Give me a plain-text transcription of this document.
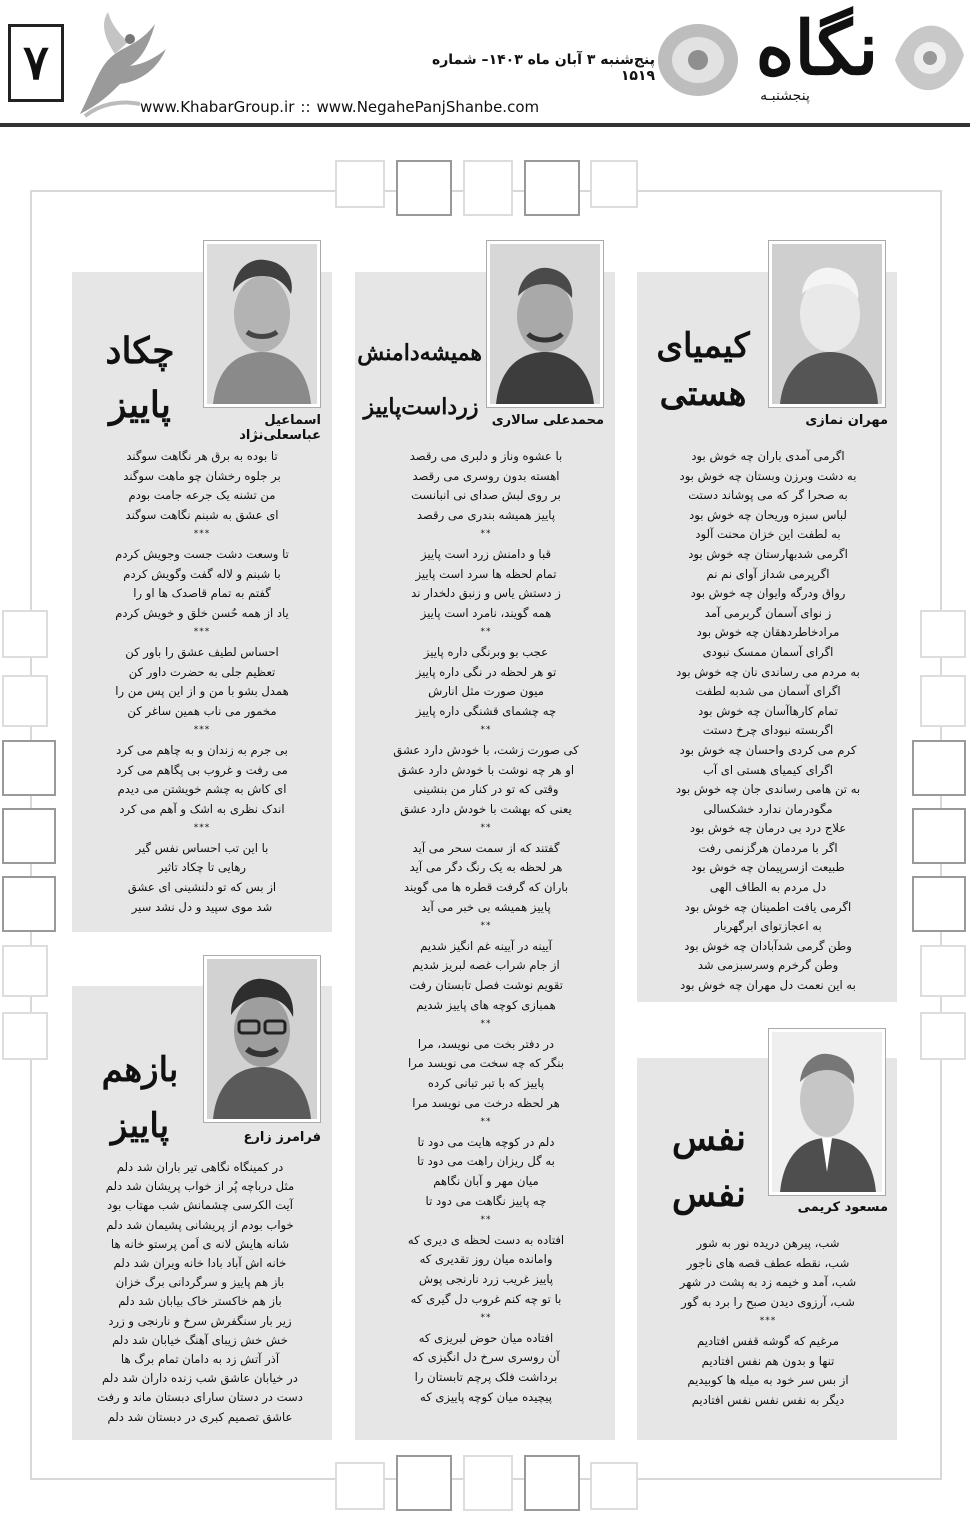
۷	پنج‌شنبه ۳ آبان ماه ۱۴۰۳– شماره ۱۵۱۹
www.KhabarGroup.ir :: www.NegahePanjShanbe.com
نگاه
پنجشنبـه
مهران نمازی
کیمیای
هستی
اگرمی آمدی باران چه خوش بود
به دشت وبرزن وبستان چه خوش بود
به صحرا گر که می پوشاند دستت
لباس سبزه وریحان چه خوش بود
به لطفت این خزان محنت آلود
اگرمی شدبهارستان چه خوش بود
اگرپرمی شداز آوای نم نم
رواق ودرگه وایوان چه خوش بود
ز نوای آسمان گربرمی آمد
مرادخاطردهقان چه خوش بود
اگرای آسمان ممسک نبودی
به مردم می رساندی نان چه خوش بود
اگرای آسمان می شدبه لطفت
تمام کارهاآسان چه خوش بود
اگربسته نبودای چرخ دستت
کرم می کردی واحسان چه خوش بود
اگرای کیمیای هستی ای آب
به تن هامی رساندی جان چه خوش بود
مگودرمان ندارد خشکسالی
علاج درد بی درمان چه خوش بود
اگر با مردمان هرگزنمی رفت
طبیعت ازسرپیمان چه خوش بود
دل مردم به الطاف الهی
اگرمی یافت اطمینان چه خوش بود
به اعجازتوای ابرگهربار
وطن گرمی شدآبادان چه خوش بود
وطن گرخرم وسرسبزمی شد
به این نعمت دل مهران چه خوش بود
محمدعلی سالاری
همیشه‌دامنش
زرداست‌پاییز
با عشوه وناز و دلبری می رقصد
اهسته بدون روسری می رقصد
بر روی لبش صدای نی انبانست
پاییز همیشه بندری می رقصد
**
قبا و دامنش زرد است پاییز
تمام لحظه ها سرد است پاییز
ز دستش یاس و زنبق دلخدار ند
همه گویند، نامرد است پاییز
**
عجب بو وبرنگی داره پاییز
تو هر لحظه در نگی داره پاییز
میون صورت مثل انارش
چه چشمای قشنگی داره پاییز
**
کی صورت زشت، با خودش دارد عشق
او هر چه نوشت با خودش دارد عشق
وقتی که تو در کنار من بنشینی
یعنی که بهشت با خودش دارد عشق
**
گفتند که از سمت سحر می آید
هر لحظه به یک رنگ دگر می آید
باران که گرفت قطره ها می گویند
پاییز همیشه بی خبر می آید
**
آیینه در آیینه غم انگیز شدیم
از جام شراب غصه لبریز شدیم
تقویم نوشت فصل تابستان رفت
همبازی کوچه های پاییز شدیم
**
در دفتر بخت می نویسد، مرا
بنگر که چه سخت می نویسد مرا
پاییز که با تبر تبانی کرده
هر لحظه درخت می نویسد مرا
**
دلم در کوچه هایت می دود تا
به گل ریزان راهت می دود تا
میان مهر و آبان نگاهم
چه پاییز نگاهت می دود تا
**
افتاده به دست لحظه ی دیری که
وامانده میان روز تقدیری که
پاییز غریب زرد نارنجی پوش
با تو چه کنم غروب دل گیری که
**
افتاده میان حوض لبریزی که
آن روسری سرخ دل انگیزی که
برداشت فلک پرچم تابستان را
پیچیده میان کوچه پاییزی که
اسماعیل عباسعلی‌نژاد
چکاد
پاییز
تا بوده به برق هر نگاهت سوگند
بر جلوه رخشان چو ماهت سوگند
من تشنه یک جرعه جامت بودم
ای عشق به شبنم نگاهت سوگند
***
تا وسعت دشت جست وجویش کردم
با شبنم و لاله گفت وگویش کردم
گفتم به تمام قاصدک ها او را
یاد از همه حُسن خلق و خویش کردم
***
احساس لطیف عشق را باور کن
تعظیم جلی به حضرت داور کن
همدل بشو با من و از این پس من را
مخمور می ناب همین ساغر کن
***
بی جرم به زندان و به چاهم می کرد
می رفت و غروب بی پگاهم می کرد
ای کاش به چشم خویشتن می دیدم
اندک نظری به اشک و آهم می کرد
***
با این تب احساس نفس گیر
رهایی تا چکاد تاثیر
از بس که تو دلنشینی ای عشق
شد موی سپید و دل نشد سیر
مسعود کریمی
نفس
نفس
شب، پیرهن دریده نور به شور
شب، نقطه عطف قصه های ناجور
شب، آمد و خیمه زد به پشت در شهر
شب، آرزوی دیدن صبح را برد به گور
***
مرغیم که گوشه قفس افتادیم
تنها و بدون هم نفس افتادیم
از بس سر خود به میله ها کوبیدیم
دیگر به نفس نفس نفس افتادیم
فرامرز زارع
بازهم
پاییز
در کمینگاه نگاهی تیر باران شد دلم
مثل درباچه پُر از خواب پریشان شد دلم
آیت الکرسی چشمانش شب مهتاب بود
خواب بودم از پریشانی پشیمان شد دلم
شانه هایش لانه ی اَمن پرستو خانه ها
خانه اش آباد بادا خانه ویران شد دلم
باز هم پاییز و سرگردانی برگ خزان
باز هم خاکستر خاک بیابان شد دلم
زیر بار سنگفرش سرخ و نارنجی و زرد
خش خش زیبای آهنگ خیابان شد دلم
آذر آتش زد به دامان تمام برگ ها
در خیابان عاشق شب زنده داران شد دلم
دست در دستان سارای دبستان ماند و رفت
عاشق تصمیم کبری در دبستان شد دلم
